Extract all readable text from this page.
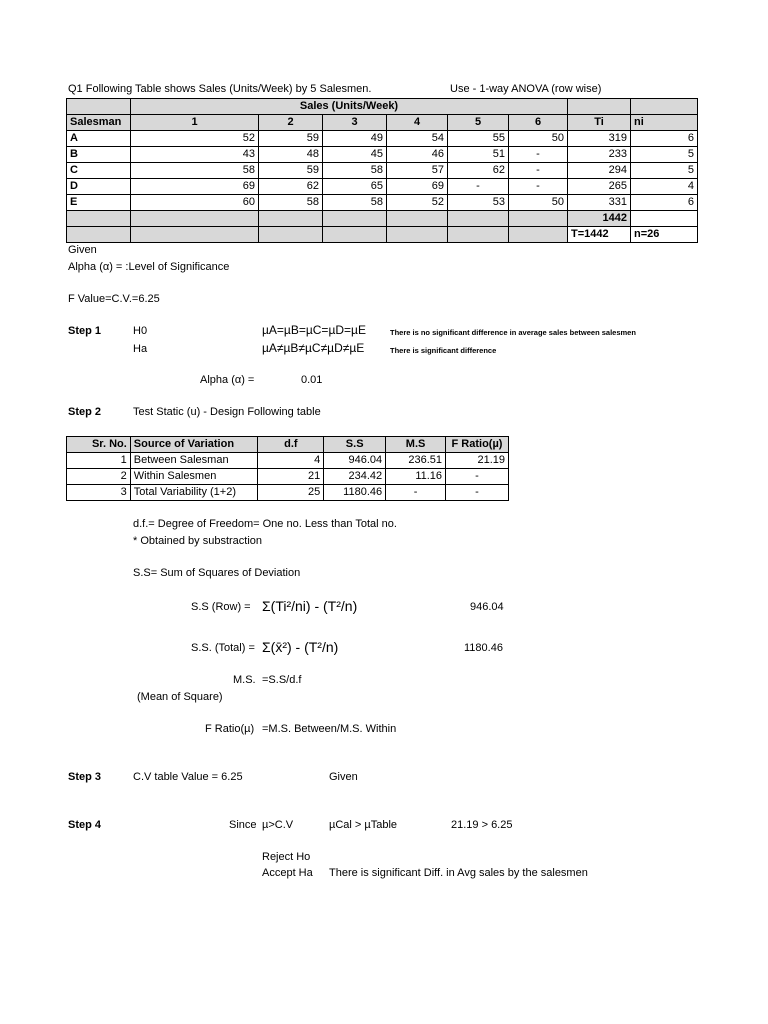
Q1 Following Table shows Sales (Units/Week) by 5 Salesmen.	Use - 1-way ANOVA (row wise)
	Sales (Units/Week)							
Salesman	1	2	3	4	5	6	Ti	ni
A	52	59	49	54	55	50	319	6
B	43	48	45	46	51	-	233	5
C	58	59	58	57	62	-	294	5
D	69	62	65	69	-	-	265	4
E	60	58	58	52	53	50	331	6
							1442	
							T=1442	n=26
Given
Alpha (α) = :Level of Significance
F Value=C.V.=6.25
Step 1	H0	µA=µB=µC=µD=µE	There is no significant difference in average sales between salesmen
Ha	µA≠µB≠µC≠µD≠µE	There is significant difference
Alpha (α) =	0.01
Step 2	Test Static (u) - Design Following table
Sr. No.	Source of Variation	d.f	S.S	M.S	F Ratio(µ)
1	Between Salesman	4	946.04	236.51	21.19
2	Within Salesmen	21	234.42	11.16	-
3	Total Variability (1+2)	25	1180.46	-	-
d.f.= Degree of Freedom= One no. Less than Total no.
* Obtained by substraction
S.S= Sum of Squares of Deviation
S.S (Row) = Σ(Ti²/ni) - (T²/n)	946.04
S.S. (Total) = Σ(x̄²) - (T²/n)	1180.46
M.S. =S.S/d.f
(Mean of Square)
F Ratio(µ) =M.S. Between/M.S. Within
Step 3	C.V table Value = 6.25	Given
Step 4	Since µ>C.V	µCal > µTable	21.19 > 6.25
Reject Ho
Accept Ha There is significant Diff. in Avg sales by the salesmen
